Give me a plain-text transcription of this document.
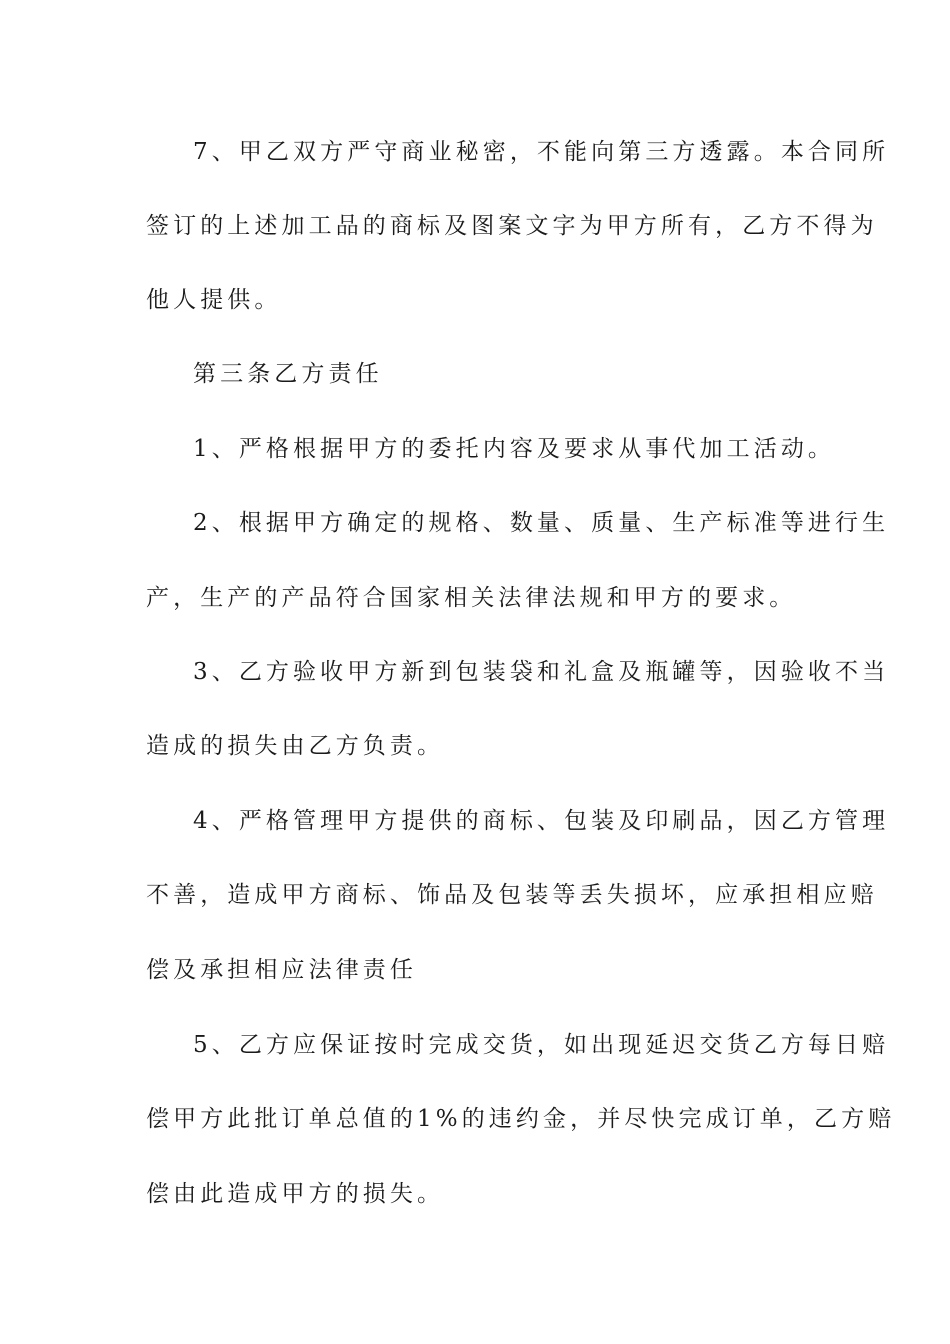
7、甲乙双方严守商业秘密，不能向第三方透露。本合同所
签订的上述加工品的商标及图案文字为甲方所有，乙方不得为
他人提供。
第三条乙方责任
1、严格根据甲方的委托内容及要求从事代加工活动。
2、根据甲方确定的规格、数量、质量、生产标准等进行生
产，生产的产品符合国家相关法律法规和甲方的要求。
3、乙方验收甲方新到包装袋和礼盒及瓶罐等，因验收不当
造成的损失由乙方负责。
4、严格管理甲方提供的商标、包装及印刷品，因乙方管理
不善，造成甲方商标、饰品及包装等丢失损坏，应承担相应赔
偿及承担相应法律责任
5、乙方应保证按时完成交货，如出现延迟交货乙方每日赔
偿甲方此批订单总值的1%的违约金，并尽快完成订单，乙方赔
偿由此造成甲方的损失。
